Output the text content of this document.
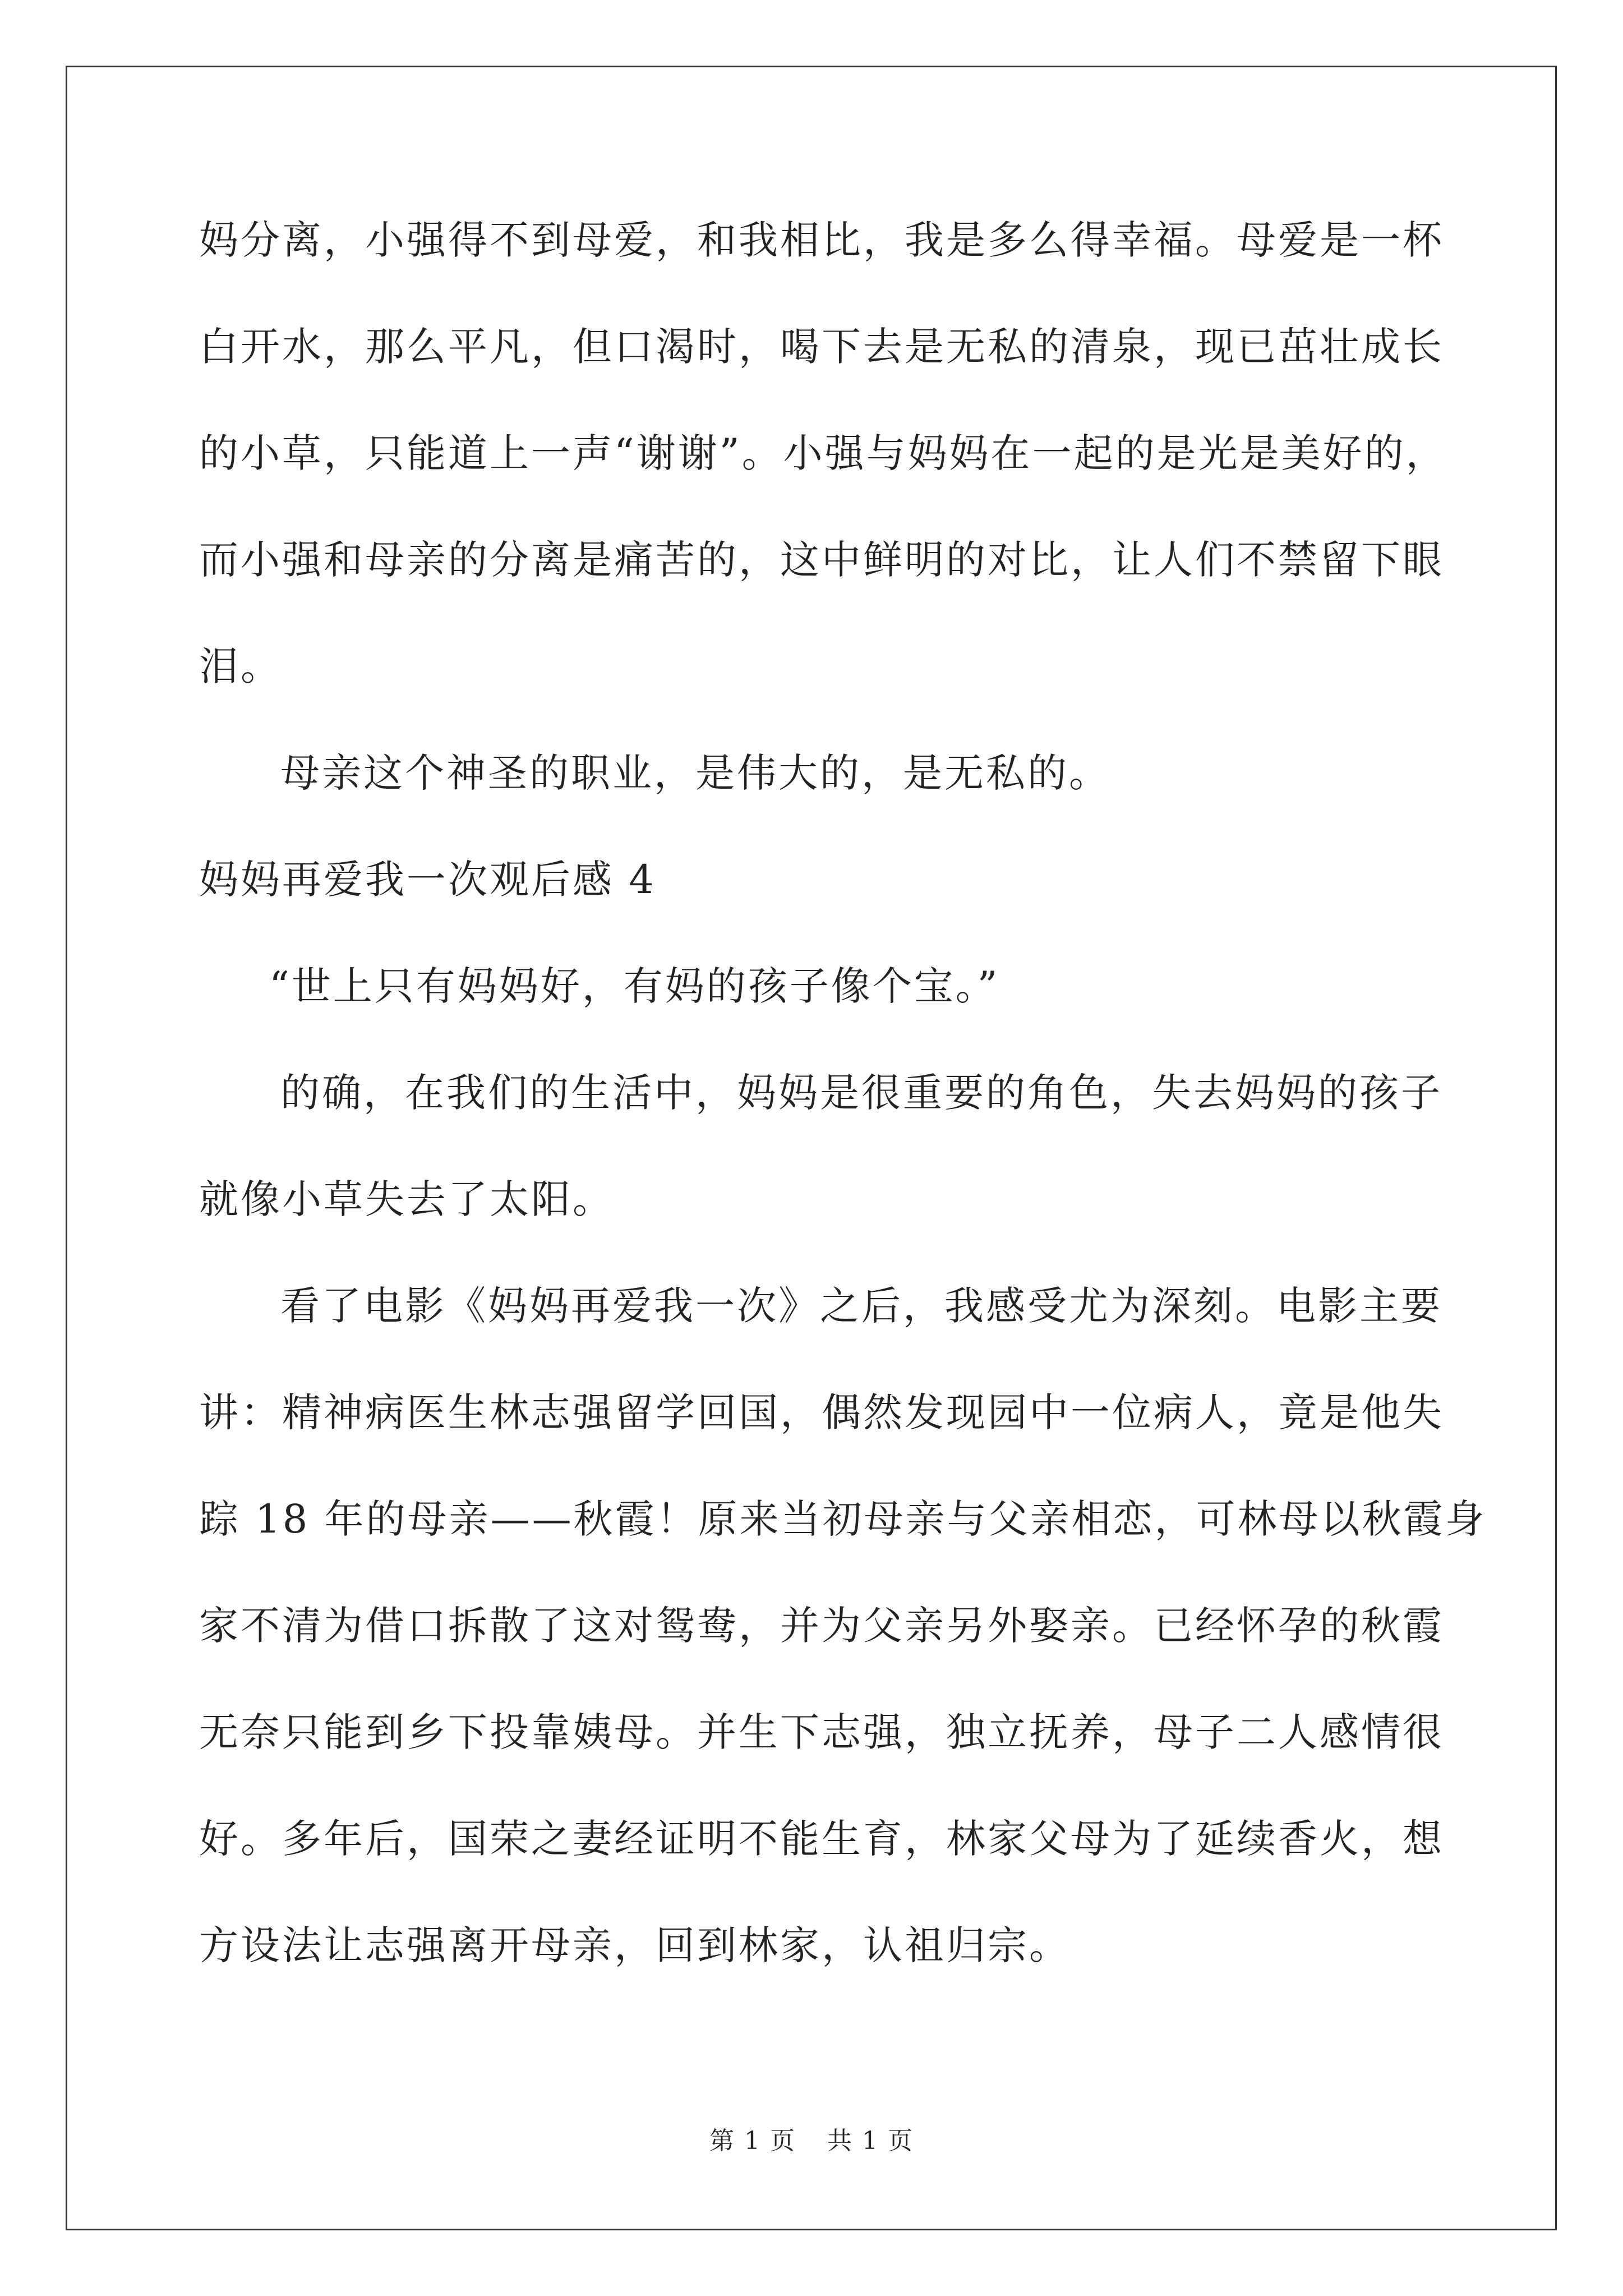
妈分离，小强得不到母爱，和我相比，我是多么得幸福。母爱是一杯
白开水，那么平凡，但口渴时，喝下去是无私的清泉，现已茁壮成长
的小草，只能道上一声“谢谢”。小强与妈妈在一起的是光是美好的，
而小强和母亲的分离是痛苦的，这中鲜明的对比，让人们不禁留下眼
泪。
母亲这个神圣的职业，是伟大的，是无私的。
妈妈再爱我一次观后感 4
“世上只有妈妈好，有妈的孩子像个宝。”
的确，在我们的生活中，妈妈是很重要的角色，失去妈妈的孩子
就像小草失去了太阳。
看了电影《妈妈再爱我一次》之后，我感受尤为深刻。电影主要
讲：精神病医生林志强留学回国，偶然发现园中一位病人，竟是他失
踪 18 年的母亲——秋霞！原来当初母亲与父亲相恋，可林母以秋霞身
家不清为借口拆散了这对鸳鸯，并为父亲另外娶亲。已经怀孕的秋霞
无奈只能到乡下投靠姨母。并生下志强，独立抚养，母子二人感情很
好。多年后，国荣之妻经证明不能生育，林家父母为了延续香火，想
方设法让志强离开母亲，回到林家，认祖归宗。
第 1 页 共 1 页
